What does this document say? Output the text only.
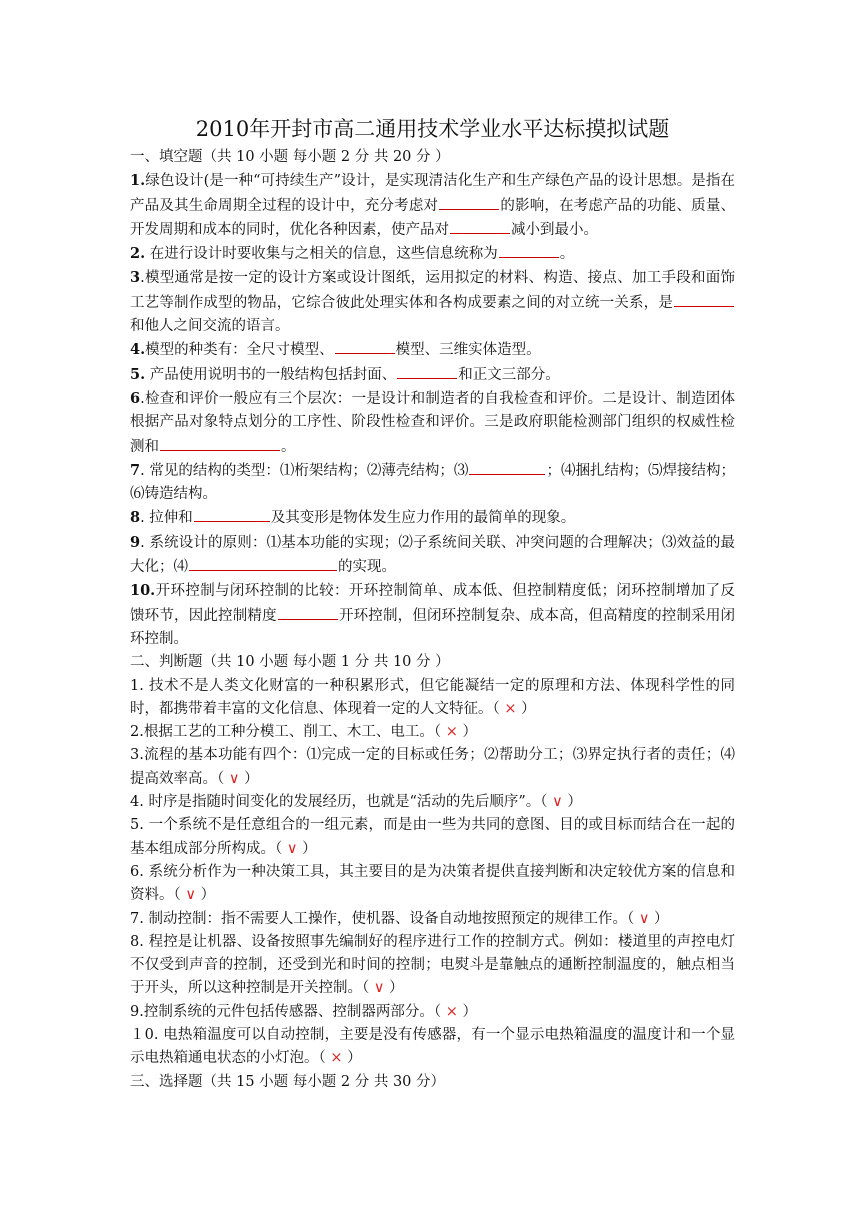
2010年开封市高二通用技术学业水平达标摸拟试题
一、填空题（共 10 小题 每小题 2 分 共 20 分 ）

1.绿色设计(是一种“可持续生产”设计，是实现清洁化生产和生产绿色产品的设计思想。是指在产品及其生命周期全过程的设计中，充分考虑对	的影响，在考虑产品的功能、质量、开发周期和成本的同时，优化各种因素，使产品对	减小到最小。

2. 在进行设计时要收集与之相关的信息，这些信息统称为	。

3.模型通常是按一定的设计方案或设计图纸，运用拟定的材料、构造、接点、加工手段和面饰工艺等制作成型的物品，它综合彼此处理实体和各构成要素之间的对立统一关系，是和他人之间交流的语言。

4.模型的种类有：全尺寸模型、	模型、三维实体造型。

5. 产品使用说明书的一般结构包括封面、	和正文三部分。

6.检查和评价一般应有三个层次：一是设计和制造者的自我检查和评价。二是设计、制造团体根据产品对象特点划分的工序性、阶段性检查和评价。三是政府职能检测部门组织的权威性检测和	。

7. 常见的结构的类型：⑴桁架结构；⑵薄壳结构；⑶	；⑷捆扎结构；⑸焊接结构；⑹铸造结构。

8. 拉伸和	及其变形是物体发生应力作用的最简单的现象。

9. 系统设计的原则：⑴基本功能的实现；⑵子系统间关联、冲突问题的合理解决；⑶效益的最大化；⑷	的实现。

10.开环控制与闭环控制的比较：开环控制简单、成本低、但控制精度低；闭环控制增加了反馈环节，因此控制精度	开环控制，但闭环控制复杂、成本高，但高精度的控制采用闭环控制。

二、判断题（共 10 小题 每小题 1 分 共 10 分 ）

1. 技术不是人类文化财富的一种积累形式，但它能凝结一定的原理和方法、体现科学性的同时，都携带着丰富的文化信息、体现着一定的人文特征。（ × ）

2.根据工艺的工种分模工、削工、木工、电工。（ × ）

3.流程的基本功能有四个：⑴完成一定的目标或任务；⑵帮助分工；⑶界定执行者的责任；⑷提高效率高。（ ∨ ）

4. 时序是指随时间变化的发展经历，也就是“活动的先后顺序”。（ ∨ ）

5. 一个系统不是任意组合的一组元素，而是由一些为共同的意图、目的或目标而结合在一起的基本组成部分所构成。（ ∨ ）

6. 系统分析作为一种决策工具，其主要目的是为决策者提供直接判断和决定较优方案的信息和资料。（ ∨ ）

7. 制动控制：指不需要人工操作，使机器、设备自动地按照预定的规律工作。（ ∨ ）

8. 程控是让机器、设备按照事先编制好的程序进行工作的控制方式。例如：楼道里的声控电灯不仅受到声音的控制，还受到光和时间的控制；电熨斗是靠触点的通断控制温度的，触点相当于开头，所以这种控制是开关控制。（ ∨ ）

9.控制系统的元件包括传感器、控制器两部分。（ × ）

１0. 电热箱温度可以自动控制，主要是没有传感器，有一个显示电热箱温度的温度计和一个显示电热箱通电状态的小灯泡。（ × ）

三、选择题（共 15 小题 每小题 2 分 共 30 分）
